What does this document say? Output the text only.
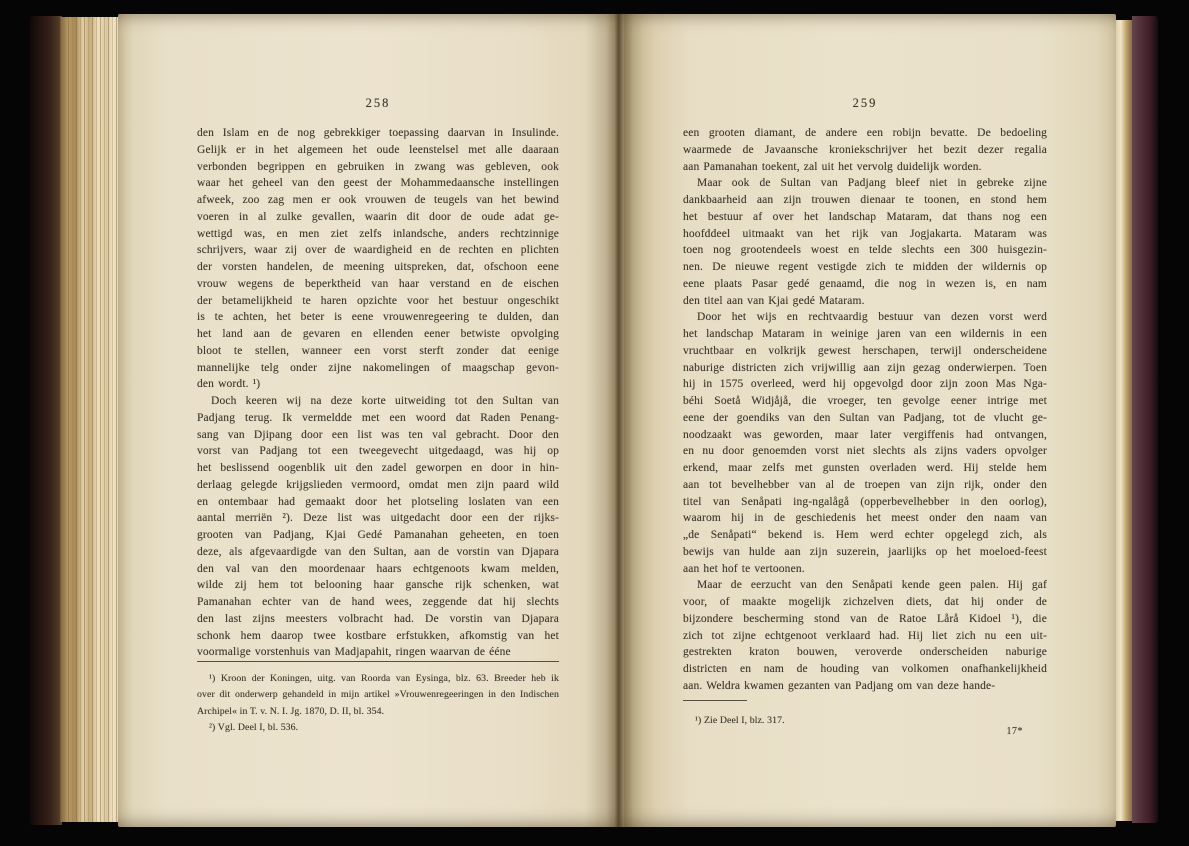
258
den Islam en de nog gebrekkiger toepassing daarvan in Insulinde.
Gelijk er in het algemeen het oude leenstelsel met alle daaraan
verbonden begrippen en gebruiken in zwang was gebleven, ook
waar het geheel van den geest der Mohammedaansche instellingen
afweek, zoo zag men er ook vrouwen de teugels van het bewind
voeren in al zulke gevallen, waarin dit door de oude adat ge-
wettigd was, en men ziet zelfs inlandsche, anders rechtzinnige
schrijvers, waar zij over de waardigheid en de rechten en plichten
der vorsten handelen, de meening uitspreken, dat, ofschoon eene
vrouw wegens de beperktheid van haar verstand en de eischen
der betamelijkheid te haren opzichte voor het bestuur ongeschikt
is te achten, het beter is eene vrouwenregeering te dulden, dan
het land aan de gevaren en ellenden eener betwiste opvolging
bloot te stellen, wanneer een vorst sterft zonder dat eenige
mannelijke telg onder zijne nakomelingen of maagschap gevon-
den wordt. ¹)
Doch keeren wij na deze korte uitweiding tot den Sultan van
Padjang terug. Ik vermeldde met een woord dat Raden Penang-
sang van Djipang door een list was ten val gebracht. Door den
vorst van Padjang tot een tweegevecht uitgedaagd, was hij op
het beslissend oogenblik uit den zadel geworpen en door in hin-
derlaag gelegde krijgslieden vermoord, omdat men zijn paard wild
en ontembaar had gemaakt door het plotseling loslaten van een
aantal merriën ²). Deze list was uitgedacht door een der rijks-
grooten van Padjang, Kjai Gedé Pamanahan geheeten, en toen
deze, als afgevaardigde van den Sultan, aan de vorstin van Djapara
den val van den moordenaar haars echtgenoots kwam melden,
wilde zij hem tot belooning haar gansche rijk schenken, wat
Pamanahan echter van de hand wees, zeggende dat hij slechts
den last zijns meesters volbracht had. De vorstin van Djapara
schonk hem daarop twee kostbare erfstukken, afkomstig van het
voormalige vorstenhuis van Madjapahit, ringen waarvan de ééne
¹) Kroon der Koningen, uitg. van Roorda van Eysinga, blz. 63. Breeder heb ik
over dit onderwerp gehandeld in mijn artikel »Vrouwenregeeringen in den Indischen
Archipel« in T. v. N. I. Jg. 1870, D. II, bl. 354.
²) Vgl. Deel I, bl. 536.
259
een grooten diamant, de andere een robijn bevatte. De bedoeling
waarmede de Javaansche kroniekschrijver het bezit dezer regalia
aan Pamanahan toekent, zal uit het vervolg duidelijk worden.
Maar ook de Sultan van Padjang bleef niet in gebreke zijne
dankbaarheid aan zijn trouwen dienaar te toonen, en stond hem
het bestuur af over het landschap Mataram, dat thans nog een
hoofddeel uitmaakt van het rijk van Jogjakarta. Mataram was
toen nog grootendeels woest en telde slechts een 300 huisgezin-
nen. De nieuwe regent vestigde zich te midden der wildernis op
eene plaats Pasar gedé genaamd, die nog in wezen is, en nam
den titel aan van Kjai gedé Mataram.
Door het wijs en rechtvaardig bestuur van dezen vorst werd
het landschap Mataram in weinige jaren van een wildernis in een
vruchtbaar en volkrijk gewest herschapen, terwijl onderscheidene
naburige districten zich vrijwillig aan zijn gezag onderwierpen. Toen
hij in 1575 overleed, werd hij opgevolgd door zijn zoon Mas Nga-
béhi Soetå Widjåjå, die vroeger, ten gevolge eener intrige met
eene der goendiks van den Sultan van Padjang, tot de vlucht ge-
noodzaakt was geworden, maar later vergiffenis had ontvangen,
en nu door genoemden vorst niet slechts als zijns vaders opvolger
erkend, maar zelfs met gunsten overladen werd. Hij stelde hem
aan tot bevelhebber van al de troepen van zijn rijk, onder den
titel van Senåpati ing-ngalågå (opperbevelhebber in den oorlog),
waarom hij in de geschiedenis het meest onder den naam van
„de Senåpati“ bekend is. Hem werd echter opgelegd zich, als
bewijs van hulde aan zijn suzerein, jaarlijks op het moeloed-feest
aan het hof te vertoonen.
Maar de eerzucht van den Senåpati kende geen palen. Hij gaf
voor, of maakte mogelijk zichzelven diets, dat hij onder de
bijzondere bescherming stond van de Ratoe Lårå Kidoel ¹), die
zich tot zijne echtgenoot verklaard had. Hij liet zich nu een uit-
gestrekten kraton bouwen, veroverde onderscheiden naburige
districten en nam de houding van volkomen onafhankelijkheid
aan. Weldra kwamen gezanten van Padjang om van deze hande-
¹) Zie Deel I, blz. 317.
17*
